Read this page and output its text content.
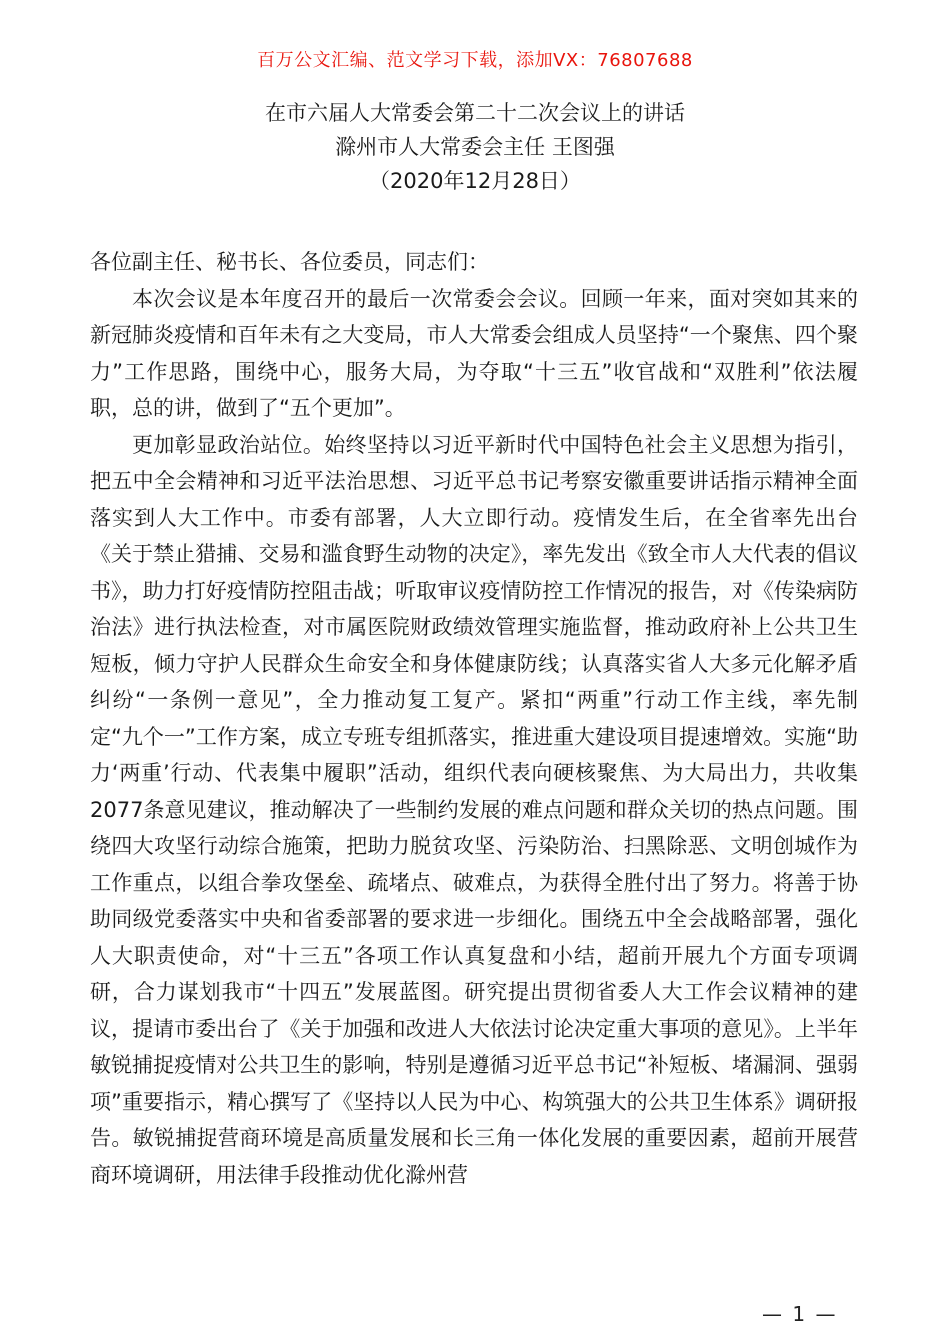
百万公文汇编、范文学习下载，添加VX：76807688

在市六届人大常委会第二十二次会议上的讲话

滁州市人大常委会主任 王图强

（2020年12月28日）

各位副主任、秘书长、各位委员，同志们：

本次会议是本年度召开的最后一次常委会会议。回顾一年来，面对突如其来的新冠肺炎疫情和百年未有之大变局，市人大常委会组成人员坚持“一个聚焦、四个聚力”工作思路，围绕中心，服务大局，为夺取“十三五”收官战和“双胜利”依法履职，总的讲，做到了“五个更加”。

更加彰显政治站位。始终坚持以习近平新时代中国特色社会主义思想为指引，把五中全会精神和习近平法治思想、习近平总书记考察安徽重要讲话指示精神全面落实到人大工作中。市委有部署，人大立即行动。疫情发生后，在全省率先出台《关于禁止猎捕、交易和滥食野生动物的决定》，率先发出《致全市人大代表的倡议书》，助力打好疫情防控阻击战；听取审议疫情防控工作情况的报告，对《传染病防治法》进行执法检查，对市属医院财政绩效管理实施监督，推动政府补上公共卫生短板，倾力守护人民群众生命安全和身体健康防线；认真落实省人大多元化解矛盾纠纷“一条例一意见”，全力推动复工复产。紧扣“两重”行动工作主线，率先制定“九个一”工作方案，成立专班专组抓落实，推进重大建设项目提速增效。实施“助力‘两重’行动、代表集中履职”活动，组织代表向硬核聚焦、为大局出力，共收集2077条意见建议，推动解决了一些制约发展的难点问题和群众关切的热点问题。围绕四大攻坚行动综合施策，把助力脱贫攻坚、污染防治、扫黑除恶、文明创城作为工作重点，以组合拳攻堡垒、疏堵点、破难点，为获得全胜付出了努力。将善于协助同级党委落实中央和省委部署的要求进一步细化。围绕五中全会战略部署，强化人大职责使命，对“十三五”各项工作认真复盘和小结，超前开展九个方面专项调研，合力谋划我市“十四五”发展蓝图。研究提出贯彻省委人大工作会议精神的建议，提请市委出台了《关于加强和改进人大依法讨论决定重大事项的意见》。上半年敏锐捕捉疫情对公共卫生的影响，特别是遵循习近平总书记“补短板、堵漏洞、强弱项”重要指示，精心撰写了《坚持以人民为中心、构筑强大的公共卫生体系》调研报告。敏锐捕捉营商环境是高质量发展和长三角一体化发展的重要因素，超前开展营商环境调研，用法律手段推动优化滁州营

— 1 —
